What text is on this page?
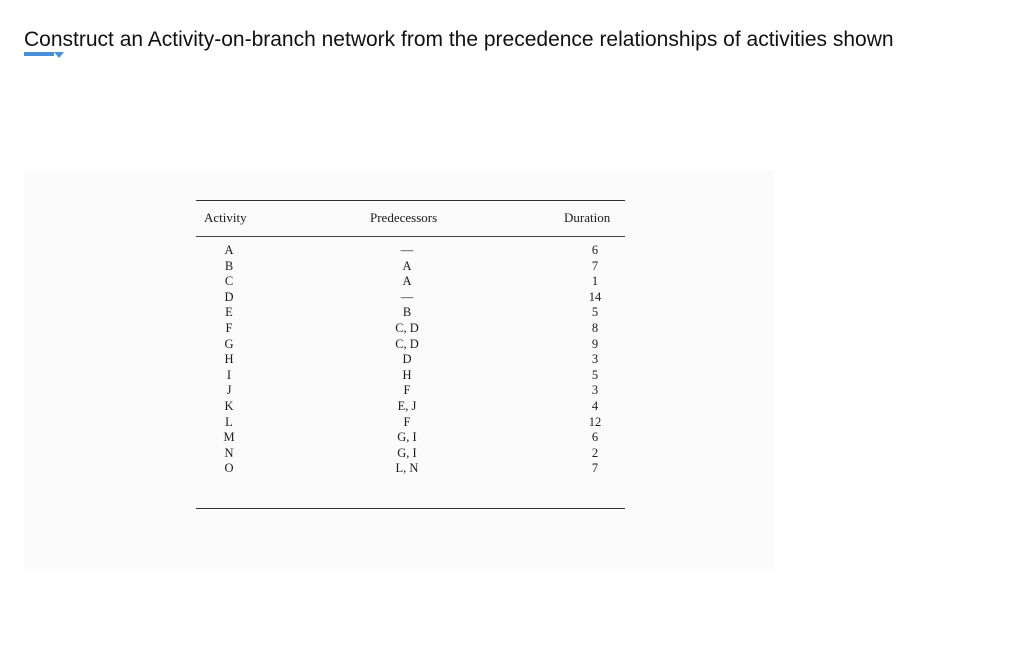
Construct an Activity-on-branch network from the precedence relationships of activities shown
Activity	Predecessors	Duration
A	—	6
B	A	7
C	A	1
D	—	14
E	B	5
F	C, D	8
G	C, D	9
H	D	3
I	H	5
J	F	3
K	E, J	4
L	F	12
M	G, I	6
N	G, I	2
O	L, N	7
